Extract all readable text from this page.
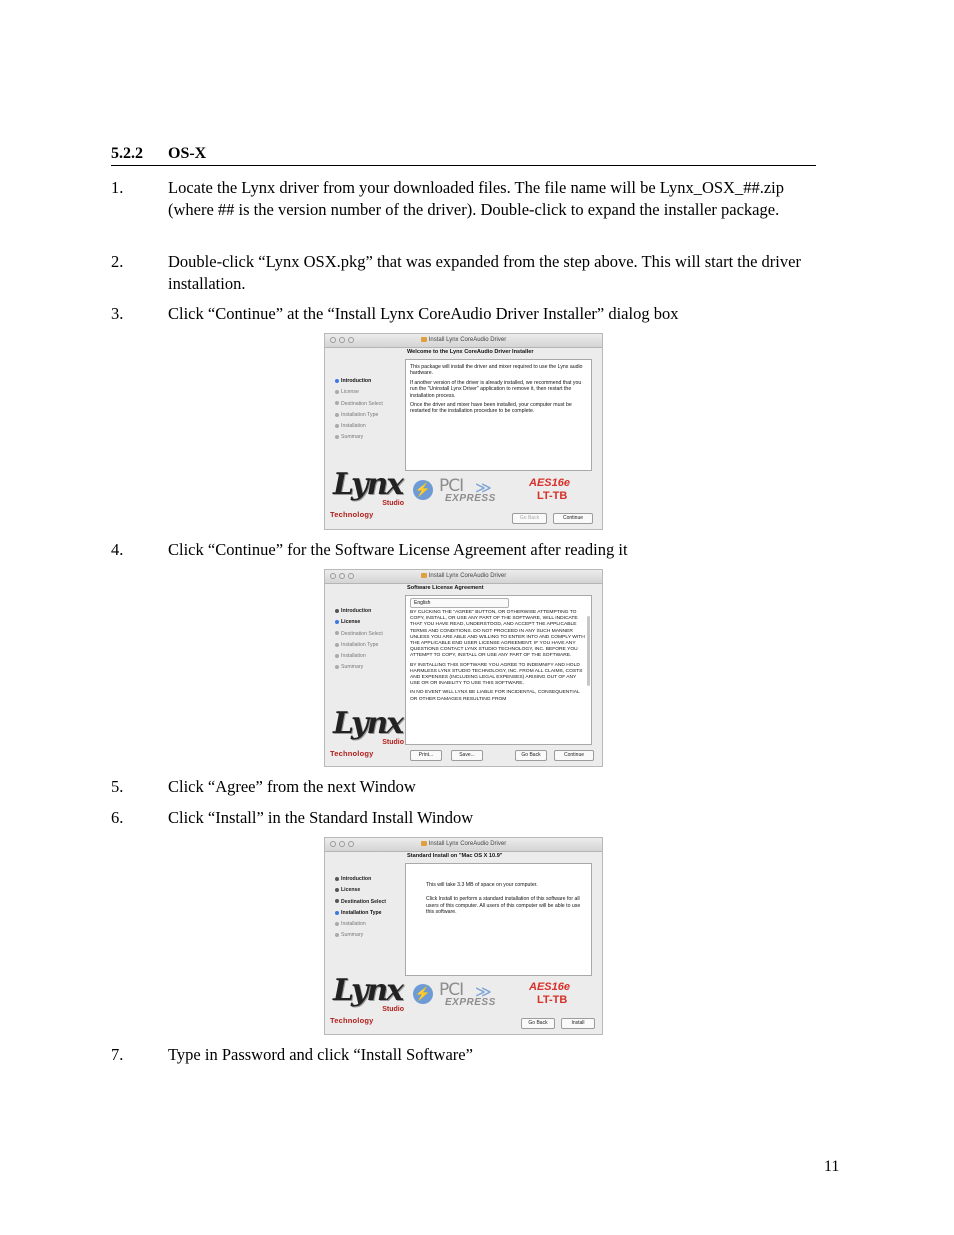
5.2.2 OS-X
1.	Locate the Lynx driver from your downloaded files. The file name will be Lynx_OSX_##.zip (where ## is the version number of the driver). Double-click to expand the installer package.
2.	Double-click “Lynx OSX.pkg” that was expanded from the step above. This will start the driver installation.
3.	Click “Continue” at the “Install Lynx CoreAudio Driver Installer” dialog box
Install Lynx CoreAudio Driver
Introduction
License
Destination Select
Installation Type
Installation
Summary
Lynx
Studio
Technology
Welcome to the Lynx CoreAudio Driver Installer

This package will install the driver and mixer required to use the Lynx audio hardware.

If another version of the driver is already installed, we recommend that you run the "Uninstall Lynx Driver" application to remove it, then restart the installation process.

Once the driver and mixer have been installed, your computer must be restarted for the installation procedure to be complete.

⚡ PCI ≫
EXPRESS
AES16e
LT-TB
Go Back	Continue
4.	Click “Continue” for the Software License Agreement after reading it
Install Lynx CoreAudio Driver
Introduction
License
Destination Select
Installation Type
Installation
Summary
Lynx
Studio
Technology
Software License Agreement
English

BY CLICKING THE "AGREE" BUTTON, OR OTHERWISE ATTEMPTING TO COPY, INSTALL, OR USE ANY PART OF THE SOFTWARE, WILL INDICATE THAT YOU HAVE READ, UNDERSTOOD, AND ACCEPT THE APPLICABLE TERMS AND CONDITIONS. DO NOT PROCEED IN ANY SUCH MANNER UNLESS YOU ARE ABLE AND WILLING TO ENTER INTO AND COMPLY WITH THE APPLICABLE END USER LICENSE AGREEMENT. IF YOU HAVE ANY QUESTIONS CONTACT LYNX STUDIO TECHNOLOGY, INC. BEFORE YOU ATTEMPT TO COPY, INSTALL OR USE ANY PART OF THE SOFTWARE.

BY INSTALLING THIS SOFTWARE YOU AGREE TO INDEMNIFY AND HOLD HARMLESS LYNX STUDIO TECHNOLOGY, INC. FROM ALL CLAIMS, COSTS AND EXPENSES (INCLUDING LEGAL EXPENSES) ARISING OUT OF ANY USE OR OR INABILITY TO USE THIS SOFTWARE.

IN NO EVENT WILL LYNX BE LIABLE FOR INCIDENTAL, CONSEQUENTIAL OR OTHER DAMAGES RESULTING FROM

Print...	Save...	Go Back	Continue
5.	Click “Agree” from the next Window
6.	Click “Install” in the Standard Install Window
Install Lynx CoreAudio Driver
Introduction
License
Destination Select
Installation Type
Installation
Summary
Lynx
Studio
Technology
Standard Install on "Mac OS X 10.9"

This will take 3.3 MB of space on your computer.

Click Install to perform a standard installation of this software for all users of this computer. All users of this computer will be able to use this software.

⚡ PCI ≫
EXPRESS
AES16e
LT-TB
Go Back	Install
7.	Type in Password and click “Install Software”
11
